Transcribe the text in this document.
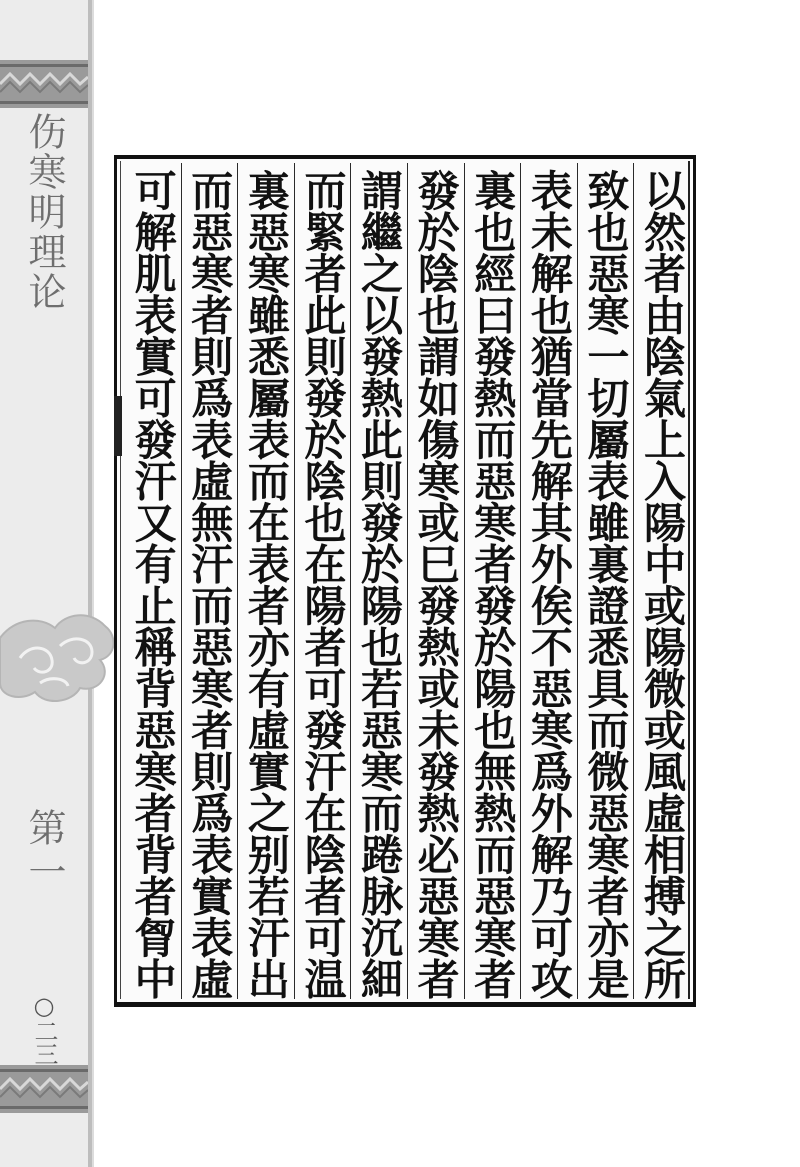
伤寒明理论
第一
○二三
以然者由陰氣上入陽中或陽微或風虛相搏之所
致也惡寒一切屬表雖裏證悉具而微惡寒者亦是
表未解也猶當先解其外俟不惡寒爲外解乃可攻
裏也經曰發熱而惡寒者發於陽也無熱而惡寒者
發於陰也謂如傷寒或巳發熱或未發熱必惡寒者
謂繼之以發熱此則發於陽也若惡寒而踡脉沉細
而緊者此則發於陰也在陽者可發汗在陰者可温
裏惡寒雖悉屬表而在表者亦有虛實之别若汗出
而惡寒者則爲表虛無汗而惡寒者則爲表實表虛
可解肌表實可發汗又有止稱背惡寒者背者胷中
